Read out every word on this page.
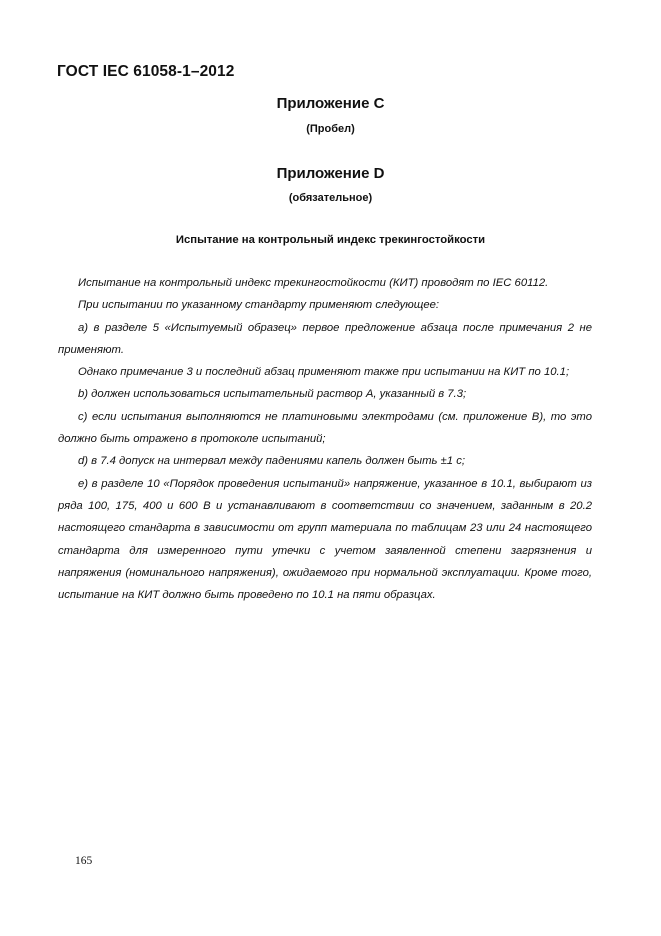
ГОСТ IEC 61058-1–2012
Приложение C
(Пробел)
Приложение D
(обязательное)
Испытание на контрольный индекс трекингостойкости

Испытание на контрольный индекс трекингостойкости (КИТ) проводят по IEC 60112.

При испытании по указанному стандарту применяют следующее:

а) в разделе 5 «Испытуемый образец» первое предложение абзаца после примечания 2 не применяют.

Однако примечание 3 и последний абзац применяют также при испытании на КИТ по 10.1;

b) должен использоваться испытательный раствор А, указанный в 7.3;

c) если испытания выполняются не платиновыми электродами (см. приложение В), то это должно быть отражено в протоколе испытаний;

d) в 7.4 допуск на интервал между падениями капель должен быть ±1 с;

е) в разделе 10 «Порядок проведения испытаний» напряжение, указанное в 10.1, выбирают из ряда 100, 175, 400 и 600 В и устанавливают в соответствии со значением, заданным в 20.2 настоящего стандарта в зависимости от групп материала по таблицам 23 или 24 настоящего стандарта для измеренного пути утечки с учетом заявленной степени загрязнения и напряжения (номинального напряжения), ожидаемого при нормальной эксплуатации. Кроме того, испытание на КИТ должно быть проведено по 10.1 на пяти образцах.

165
